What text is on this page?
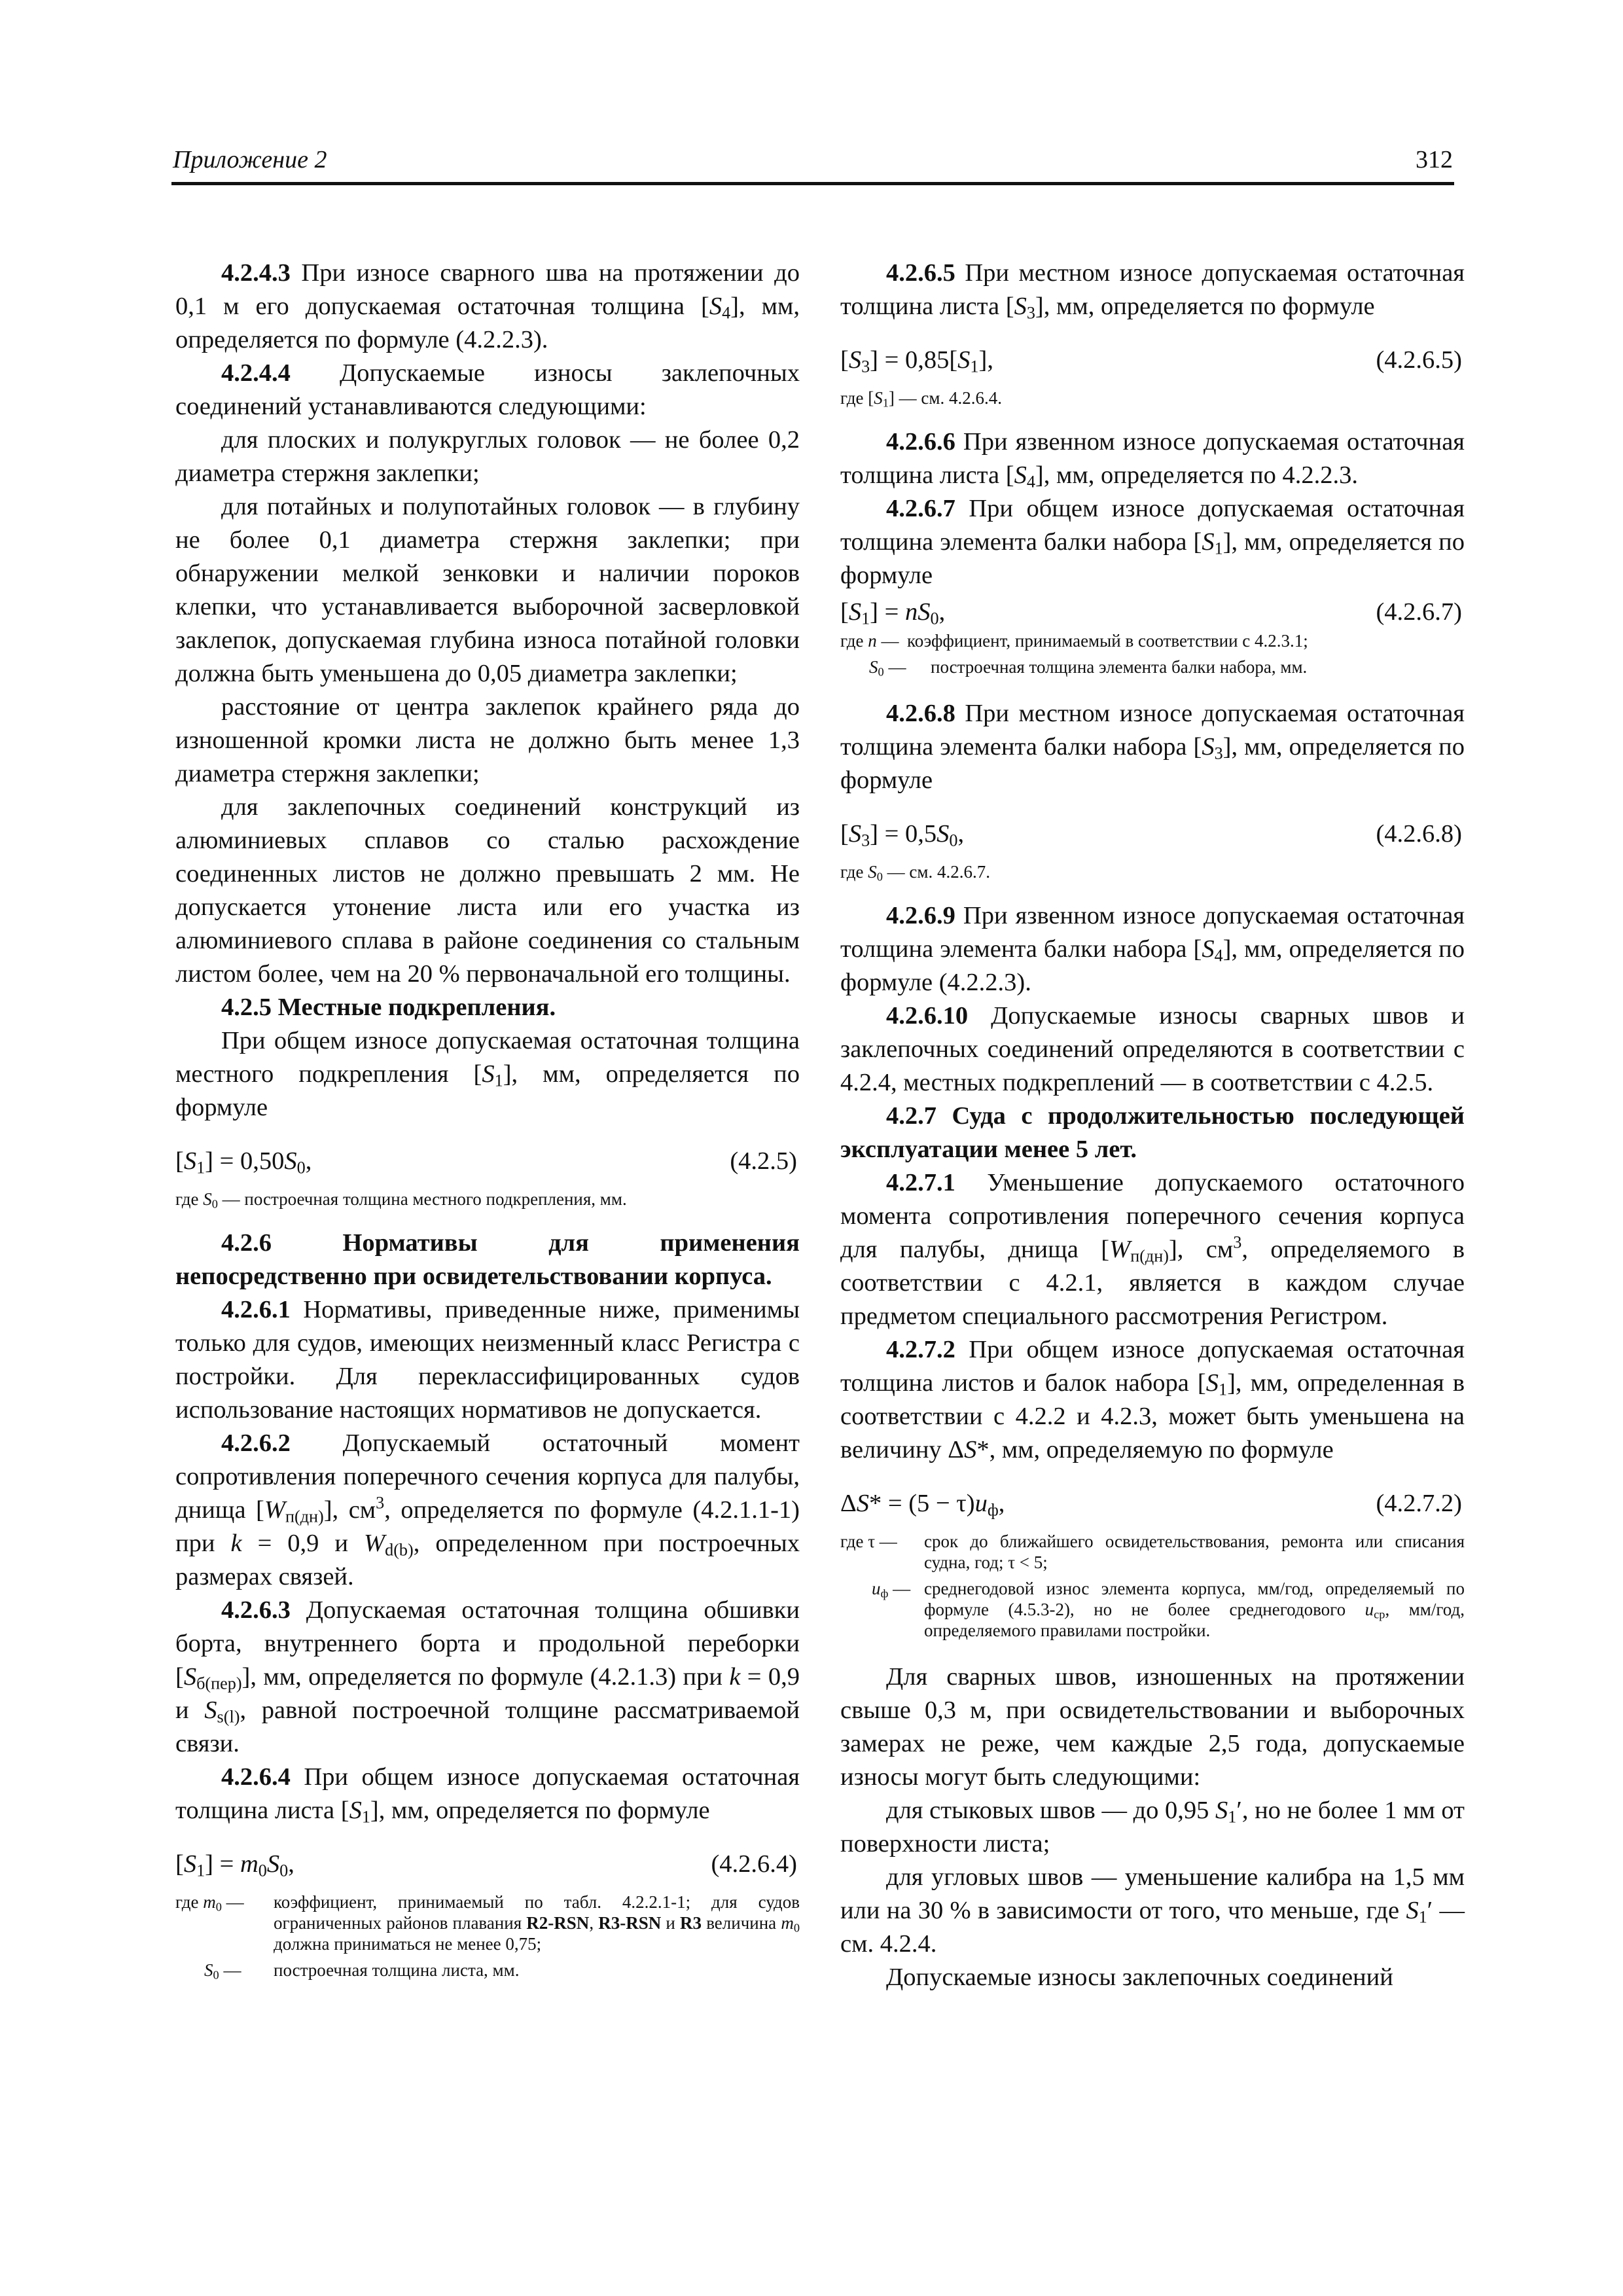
Приложение 2	312

4.2.4.3 При износе сварного шва на протяжении до 0,1 м его допускаемая остаточная толщина $[S_4]$, мм, определяется по формуле (4.2.2.3).

4.2.4.4 Допускаемые износы заклепочных соединений устанавливаются следующими:

для плоских и полукруглых головок — не более 0,2 диаметра стержня заклепки;

для потайных и полупотайных головок — в глубину не более 0,1 диаметра стержня заклепки; при обнаружении мелкой зенковки и наличии пороков клепки, что устанавливается выборочной засверловкой заклепок, допускаемая глубина износа потайной головки должна быть уменьшена до 0,05 диаметра заклепки;

расстояние от центра заклепок крайнего ряда до изношенной кромки листа не должно быть менее 1,3 диаметра стержня заклепки;

для заклепочных соединений конструкций из алюминиевых сплавов со сталью расхождение соединенных листов не должно превышать 2 мм. Не допускается утонение листа или его участка из алюминиевого сплава в районе соединения со стальным листом более, чем на 20 % первоначальной его толщины.

4.2.5 Местные подкрепления.

При общем износе допускаемая остаточная толщина местного подкрепления $[S_1]$, мм, определяется по формуле

$[S_1] = 0,50S_0$,	(4.2.5)
где $S_0$ — построечная толщина местного подкрепления, мм.

4.2.6 Нормативы для применения непосредственно при освидетельствовании корпуса.

4.2.6.1 Нормативы, приведенные ниже, применимы только для судов, имеющих неизменный класс Регистра с постройки. Для переклассифицированных судов использование настоящих нормативов не допускается.

4.2.6.2 Допускаемый остаточный момент сопротивления поперечного сечения корпуса для палубы, днища $[W_{п(дн)}]$, $см^3$, определяется по формуле (4.2.1.1-1) при k = 0,9 и $W_{d(b)}$, определенном при построечных размерах связей.

4.2.6.3 Допускаемая остаточная толщина обшивки борта, внутреннего борта и продольной переборки $[S_{б(пер)}]$, мм, определяется по формуле (4.2.1.3) при k = 0,9 и $S_{s(l)}$, равной построечной толщине рассматриваемой связи.

4.2.6.4 При общем износе допускаемая остаточная толщина листа $[S_1]$, мм, определяется по формуле

$[S_1] = m_0S_0$,	(4.2.6.4)
где $m_0$ —	коэффициент, принимаемый по табл. 4.2.2.1-1; для судов ограниченных районов плавания R2-RSN, R3-RSN и R3 величина $m_0$ должна приниматься не менее 0,75;
$S_0$ —	построечная толщина листа, мм.

4.2.6.5 При местном износе допускаемая остаточная толщина листа $[S_3]$, мм, определяется по формуле

$[S_3] = 0,85[S_1]$,	(4.2.6.5)
где $[S_1]$ — см. 4.2.6.4.

4.2.6.6 При язвенном износе допускаемая остаточная толщина листа $[S_4]$, мм, определяется по 4.2.2.3.

4.2.6.7 При общем износе допускаемая остаточная толщина элемента балки набора $[S_1]$, мм, определяется по формуле

$[S_1] = nS_0$,	(4.2.6.7)
где n — коэффициент, принимаемый в соответствии с 4.2.3.1;
$S_0$ —	построечная толщина элемента балки набора, мм.

4.2.6.8 При местном износе допускаемая остаточная толщина элемента балки набора $[S_3]$, мм, определяется по формуле

$[S_3] = 0,5S_0$,	(4.2.6.8)
где $S_0$ — см. 4.2.6.7.

4.2.6.9 При язвенном износе допускаемая остаточная толщина элемента балки набора $[S_4]$, мм, определяется по формуле (4.2.2.3).

4.2.6.10 Допускаемые износы сварных швов и заклепочных соединений определяются в соответствии с 4.2.4, местных подкреплений — в соответствии с 4.2.5.

4.2.7 Суда с продолжительностью последующей эксплуатации менее 5 лет.

4.2.7.1 Уменьшение допускаемого остаточного момента сопротивления поперечного сечения корпуса для палубы, днища $[W_{п(дн)}]$, $см^3$, определяемого в соответствии с 4.2.1, является в каждом случае предметом специального рассмотрения Регистром.

4.2.7.2 При общем износе допускаемая остаточная толщина листов и балок набора $[S_1]$, мм, определенная в соответствии с 4.2.2 и 4.2.3, может быть уменьшена на величину ΔS*, мм, определяемую по формуле

$\Delta S* = (5 - \tau)u_ф$,	(4.2.7.2)
где τ —	срок до ближайшего освидетельствования, ремонта или списания судна, год; τ < 5;
$u_ф$ — среднегодовой износ элемента корпуса, мм/год, определяемый по формуле (4.5.3-2), но не более среднегодового $u_{ср}$, мм/год, определяемого правилами постройки.

Для сварных швов, изношенных на протяжении свыше 0,3 м, при освидетельствовании и выборочных замерах не реже, чем каждые 2,5 года, допускаемые износы могут быть следующими:

для стыковых швов — до 0,95 $S_1'$, но не более 1 мм от поверхности листа;

для угловых швов — уменьшение калибра на 1,5 мм или на 30 % в зависимости от того, что меньше, где $S_1'$ — см. 4.2.4.

Допускаемые износы заклепочных соединений
